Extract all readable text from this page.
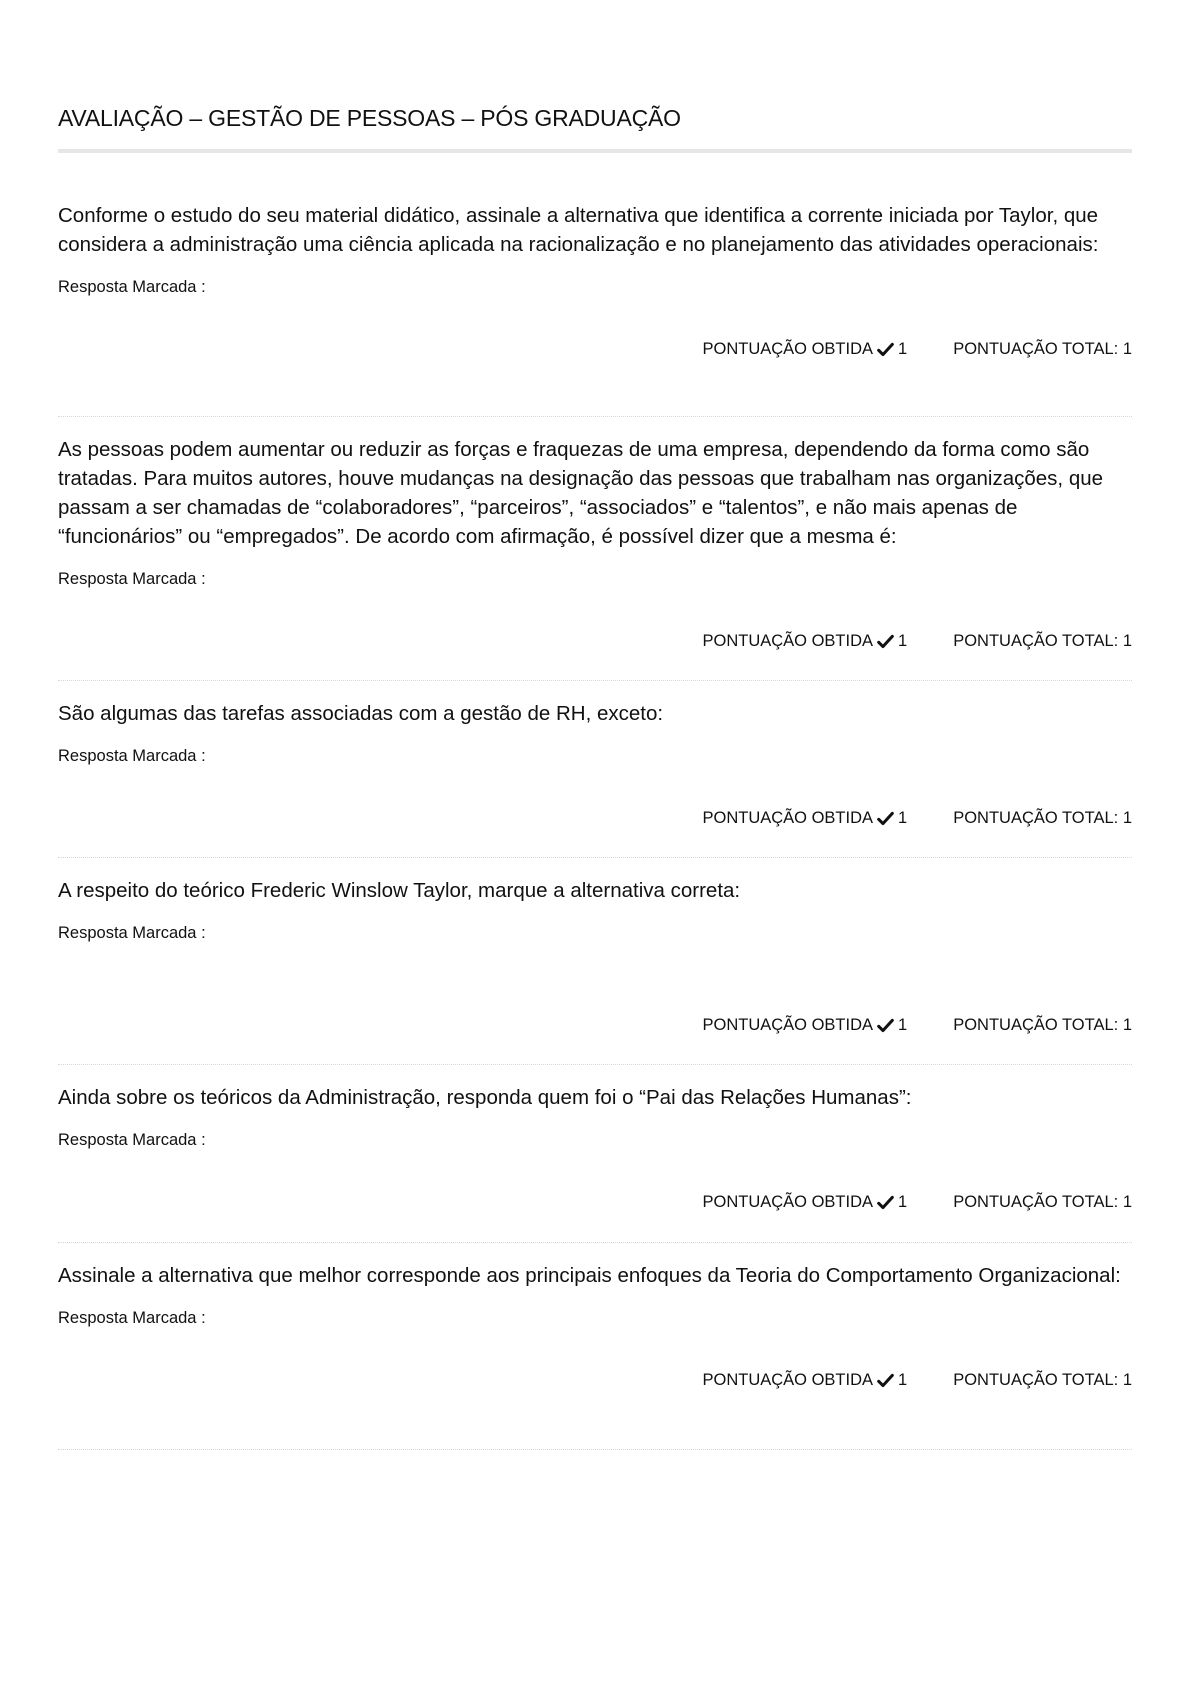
AVALIAÇÃO – GESTÃO DE PESSOAS – PÓS GRADUAÇÃO

Conforme o estudo do seu material didático, assinale a alternativa que identifica a corrente iniciada por Taylor, que considera a administração uma ciência aplicada na racionalização e no planejamento das atividades operacionais:

Resposta Marcada :
PONTUAÇÃO OBTIDA 1	PONTUAÇÃO TOTAL: 1

As pessoas podem aumentar ou reduzir as forças e fraquezas de uma empresa, dependendo da forma como são tratadas. Para muitos autores, houve mudanças na designação das pessoas que trabalham nas organizações, que passam a ser chamadas de “colaboradores”, “parceiros”, “associados” e “talentos”, e não mais apenas de “funcionários” ou “empregados”. De acordo com afirmação, é possível dizer que a mesma é:

Resposta Marcada :
PONTUAÇÃO OBTIDA 1	PONTUAÇÃO TOTAL: 1

São algumas das tarefas associadas com a gestão de RH, exceto:

Resposta Marcada :
PONTUAÇÃO OBTIDA 1	PONTUAÇÃO TOTAL: 1

A respeito do teórico Frederic Winslow Taylor, marque a alternativa correta:

Resposta Marcada :
PONTUAÇÃO OBTIDA 1	PONTUAÇÃO TOTAL: 1

Ainda sobre os teóricos da Administração, responda quem foi o “Pai das Relações Humanas”:

Resposta Marcada :
PONTUAÇÃO OBTIDA 1	PONTUAÇÃO TOTAL: 1

Assinale a alternativa que melhor corresponde aos principais enfoques da Teoria do Comportamento Organizacional:

Resposta Marcada :
PONTUAÇÃO OBTIDA 1	PONTUAÇÃO TOTAL: 1
